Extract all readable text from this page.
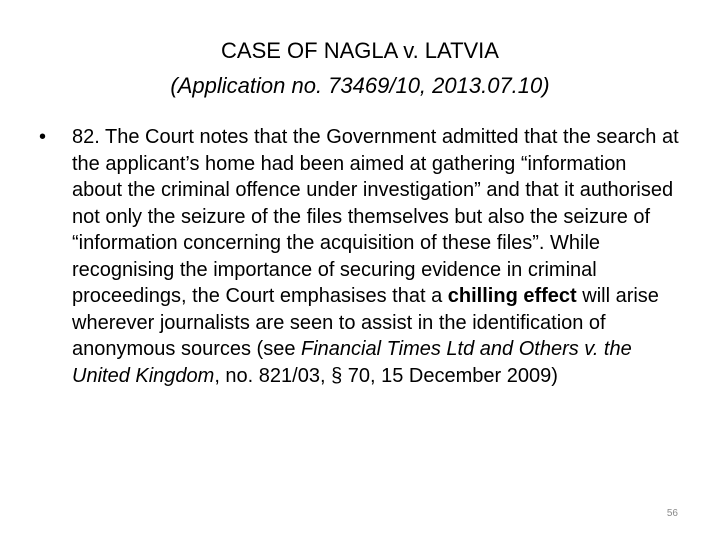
CASE OF NAGLA v. LATVIA
(Application no. 73469/10, 2013.07.10)
•	82. The Court notes that the Government admitted that the search at the applicant’s home had been aimed at gathering “information about the criminal offence under investigation” and that it authorised not only the seizure of the files themselves but also the seizure of “information concerning the acquisition of these files”. While recognising the importance of securing evidence in criminal proceedings, the Court emphasises that a chilling effect will arise wherever journalists are seen to assist in the identification of anonymous sources (see Financial Times Ltd and Others v. the United Kingdom, no. 821/03, § 70, 15 December 2009)
56
